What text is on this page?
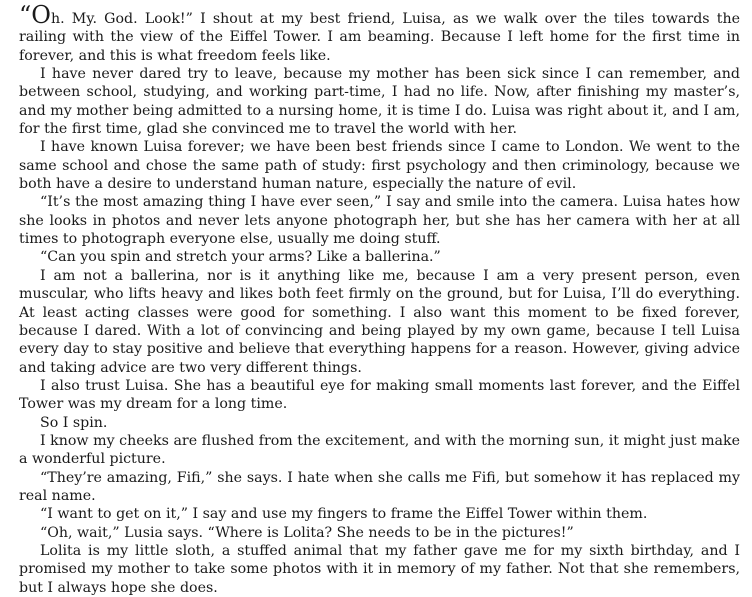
“Oh. My. God. Look!” I shout at my best friend, Luisa, as we walk over the tiles towards the railing with the view of the Eiffel Tower. I am beaming. Because I left home for the first time in forever, and this is what freedom feels like.

I have never dared try to leave, because my mother has been sick since I can remember, and between school, studying, and working part-time, I had no life. Now, after finishing my master’s, and my mother being admitted to a nursing home, it is time I do. Luisa was right about it, and I am, for the first time, glad she convinced me to travel the world with her.

I have known Luisa forever; we have been best friends since I came to London. We went to the same school and chose the same path of study: first psychology and then criminology, because we both have a desire to understand human nature, especially the nature of evil.

“It’s the most amazing thing I have ever seen,” I say and smile into the camera. Luisa hates how she looks in photos and never lets anyone photograph her, but she has her camera with her at all times to photograph everyone else, usually me doing stuff.

“Can you spin and stretch your arms? Like a ballerina.”

I am not a ballerina, nor is it anything like me, because I am a very present person, even muscular, who lifts heavy and likes both feet firmly on the ground, but for Luisa, I’ll do everything. At least acting classes were good for something. I also want this moment to be fixed forever, because I dared. With a lot of convincing and being played by my own game, because I tell Luisa every day to stay positive and believe that everything happens for a reason. However, giving advice and taking advice are two very different things.

I also trust Luisa. She has a beautiful eye for making small moments last forever, and the Eiffel Tower was my dream for a long time.

So I spin.

I know my cheeks are flushed from the excitement, and with the morning sun, it might just make a wonderful picture.

“They’re amazing, Fifi,” she says. I hate when she calls me Fifi, but somehow it has replaced my real name.

“I want to get on it,” I say and use my fingers to frame the Eiffel Tower within them.

“Oh, wait,” Lusia says. “Where is Lolita? She needs to be in the pictures!”

Lolita is my little sloth, a stuffed animal that my father gave me for my sixth birthday, and I promised my mother to take some photos with it in memory of my father. Not that she remembers, but I always hope she does.
